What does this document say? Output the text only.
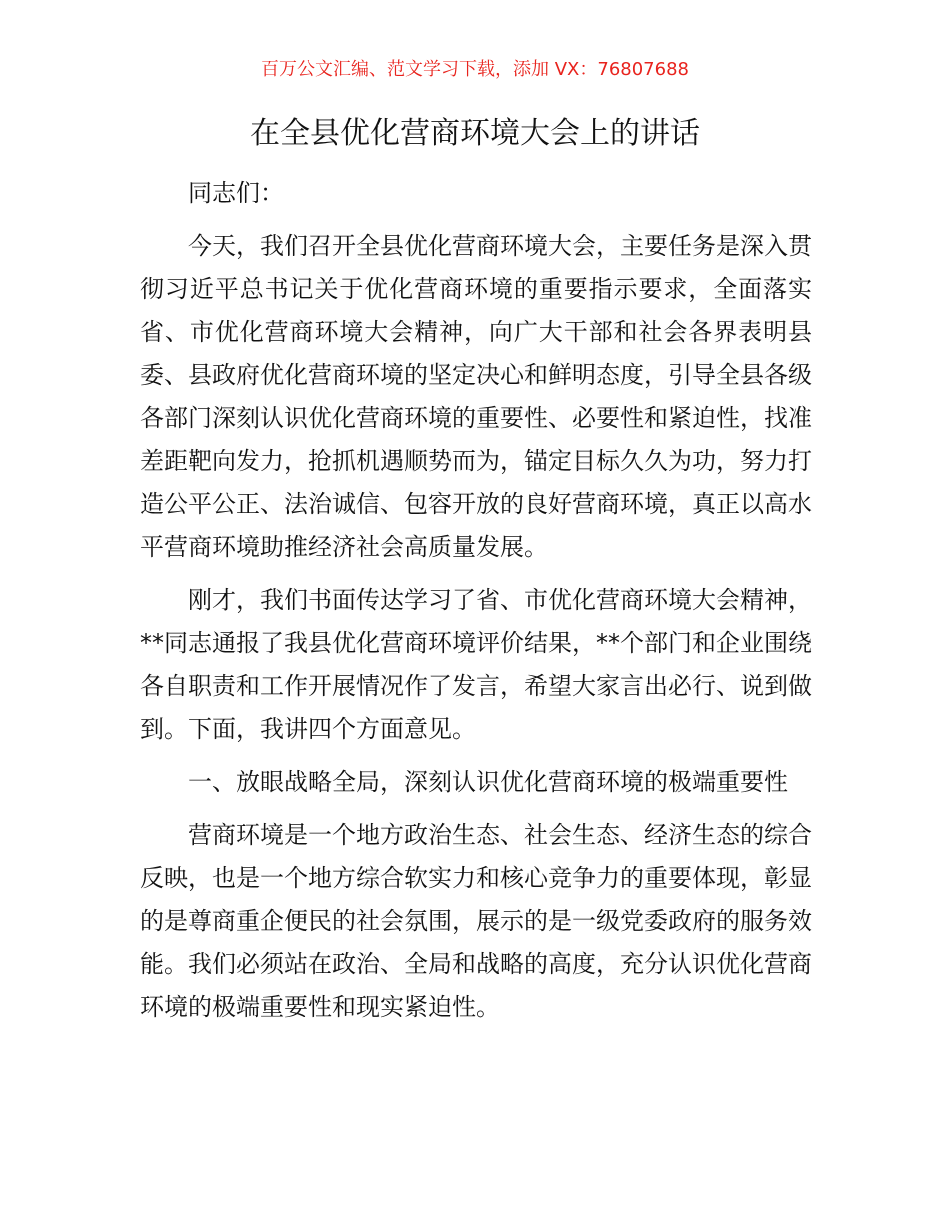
百万公文汇编、范文学习下载，添加 VX：76807688
在全县优化营商环境大会上的讲话

同志们：

今天，我们召开全县优化营商环境大会，主要任务是深入贯彻习近平总书记关于优化营商环境的重要指示要求，全面落实省、市优化营商环境大会精神，向广大干部和社会各界表明县委、县政府优化营商环境的坚定决心和鲜明态度，引导全县各级各部门深刻认识优化营商环境的重要性、必要性和紧迫性，找准差距靶向发力，抢抓机遇顺势而为，锚定目标久久为功，努力打造公平公正、法治诚信、包容开放的良好营商环境，真正以高水平营商环境助推经济社会高质量发展。

刚才，我们书面传达学习了省、市优化营商环境大会精神，**同志通报了我县优化营商环境评价结果，**个部门和企业围绕各自职责和工作开展情况作了发言，希望大家言出必行、说到做到。下面，我讲四个方面意见。

一、放眼战略全局，深刻认识优化营商环境的极端重要性

营商环境是一个地方政治生态、社会生态、经济生态的综合反映，也是一个地方综合软实力和核心竞争力的重要体现，彰显的是尊商重企便民的社会氛围，展示的是一级党委政府的服务效能。我们必须站在政治、全局和战略的高度，充分认识优化营商环境的极端重要性和现实紧迫性。
